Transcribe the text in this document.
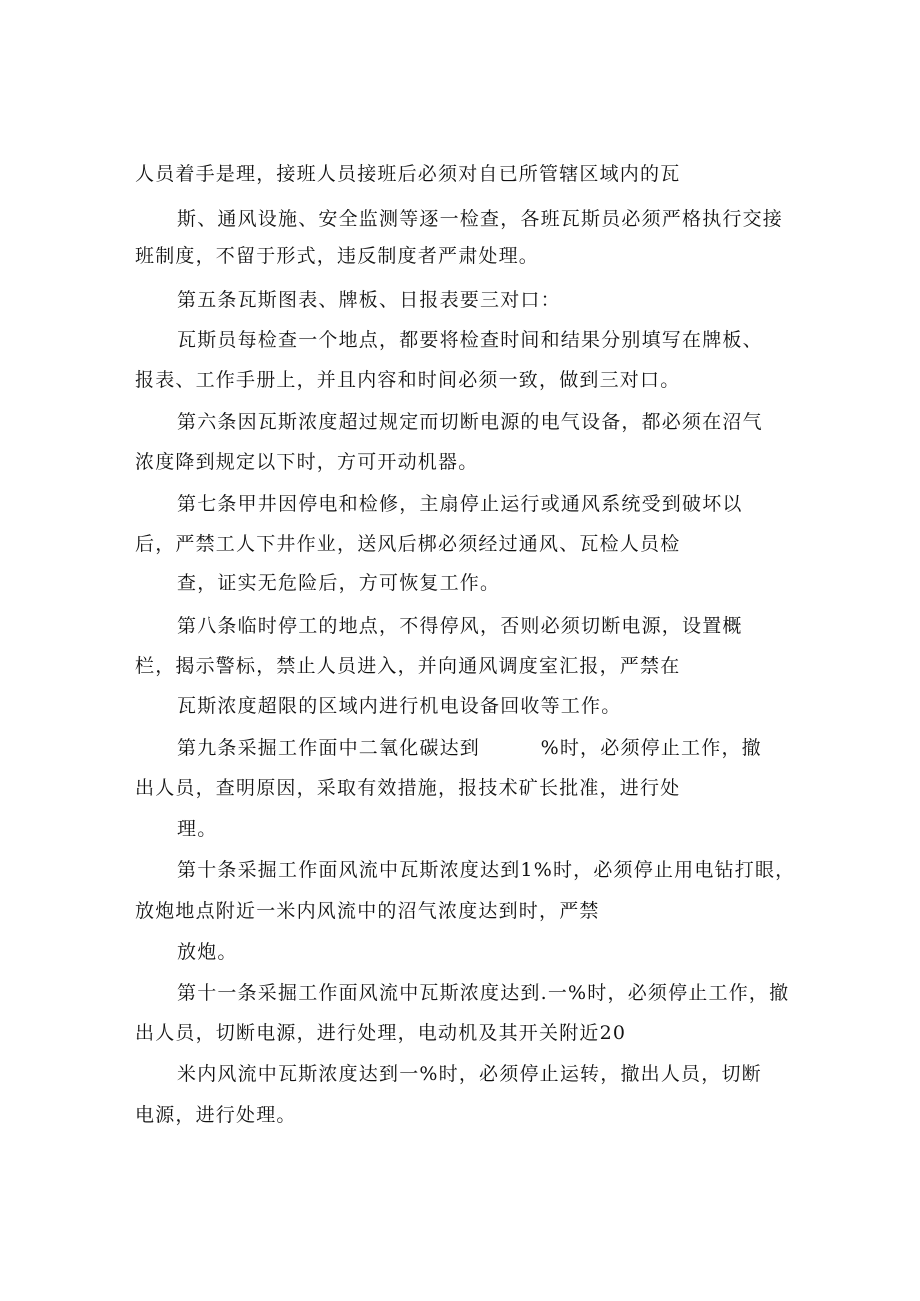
人员着手是理，接班人员接班后必须对自已所管辖区域内的瓦
斯、通风设施、安全监测等逐一检查，各班瓦斯员必须严格执行交接
班制度，不留于形式，违反制度者严肃处理。
第五条瓦斯图表、牌板、日报表要三对口：
瓦斯员每检查一个地点，都要将检查时间和结果分别填写在牌板、
报表、工作手册上，并且内容和时间必须一致，做到三对口。
第六条因瓦斯浓度超过规定而切断电源的电气设备，都必须在沼气
浓度降到规定以下时，方可开动机器。
第七条甲井因停电和检修，主扇停止运行或通风系统受到破坏以
后，严禁工人下井作业，送风后梆必须经过通风、瓦检人员检
查，证实无危险后，方可恢复工作。
第八条临时停工的地点，不得停风，否则必须切断电源，设置概
栏，揭示警标，禁止人员进入，并向通风调度室汇报，严禁在
瓦斯浓度超限的区域内进行机电设备回收等工作。
第九条采掘工作面中二氧化碳达到　　　%时，必须停止工作，撤
出人员，查明原因，采取有效措施，报技术矿长批准，进行处
理。
第十条采掘工作面风流中瓦斯浓度达到1%时，必须停止用电钻打眼，
放炮地点附近一米内风流中的沼气浓度达到时，严禁
放炮。
第十一条采掘工作面风流中瓦斯浓度达到.一%时，必须停止工作，撤
出人员，切断电源，进行处理，电动机及其开关附近20
米内风流中瓦斯浓度达到一%时，必须停止运转，撤出人员，切断
电源，进行处理。
